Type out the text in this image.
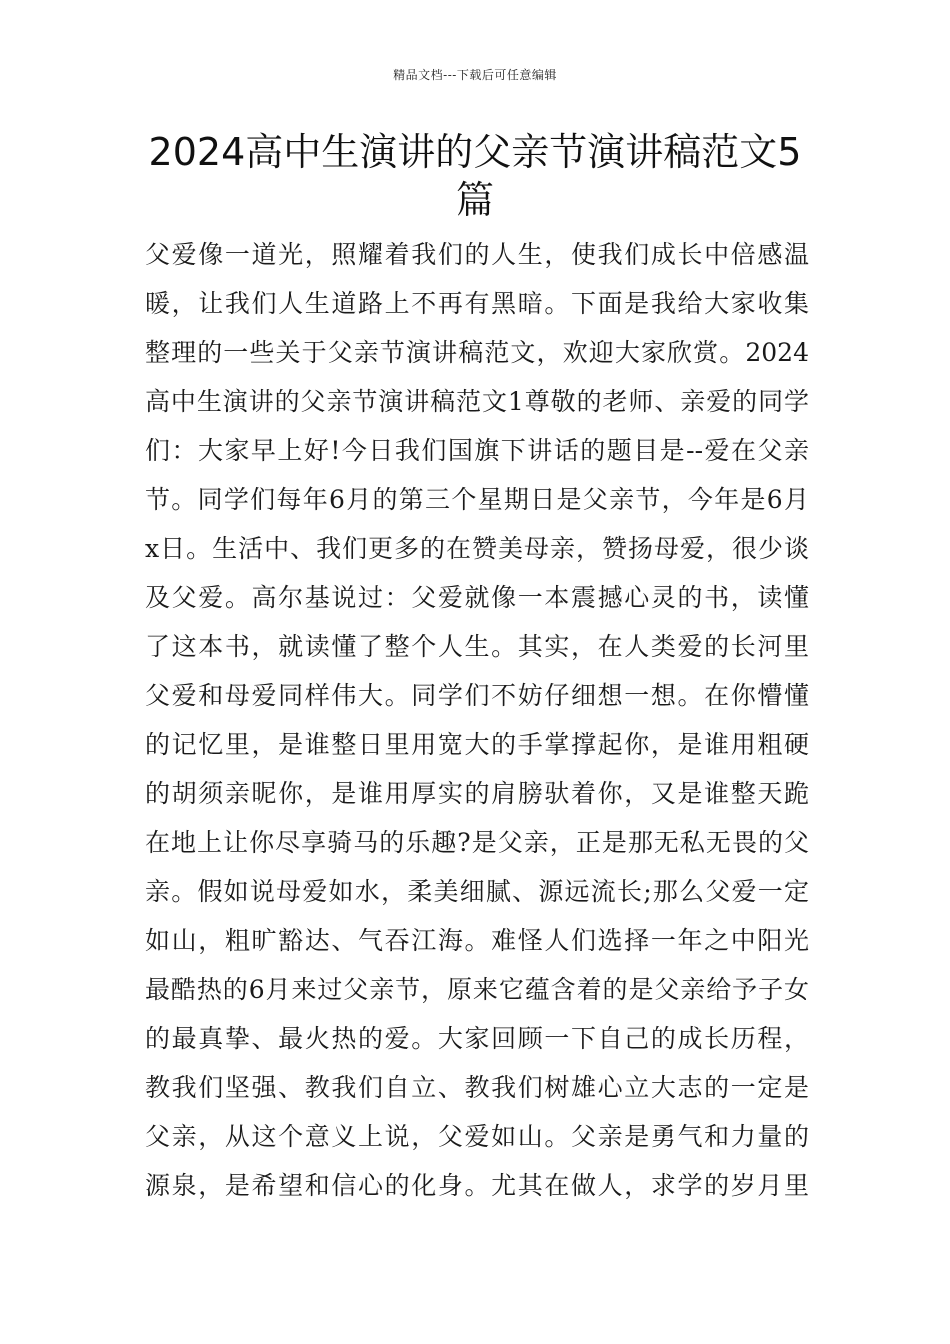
精品文档---下载后可任意编辑
2024高中生演讲的父亲节演讲稿范文5
篇
父爱像一道光，照耀着我们的人生，使我们成长中倍感温
暖，让我们人生道路上不再有黑暗。下面是我给大家收集
整理的一些关于父亲节演讲稿范文，欢迎大家欣赏。2024
高中生演讲的父亲节演讲稿范文1尊敬的老师、亲爱的同学
们：大家早上好!今日我们国旗下讲话的题目是--爱在父亲
节。同学们每年6月的第三个星期日是父亲节，今年是6月
x日。生活中、我们更多的在赞美母亲，赞扬母爱，很少谈
及父爱。高尔基说过：父爱就像一本震撼心灵的书，读懂
了这本书，就读懂了整个人生。其实，在人类爱的长河里
父爱和母爱同样伟大。同学们不妨仔细想一想。在你懵懂
的记忆里，是谁整日里用宽大的手掌撑起你，是谁用粗硬
的胡须亲昵你，是谁用厚实的肩膀驮着你，又是谁整天跪
在地上让你尽享骑马的乐趣?是父亲，正是那无私无畏的父
亲。假如说母爱如水，柔美细腻、源远流长;那么父爱一定
如山，粗旷豁达、气吞江海。难怪人们选择一年之中阳光
最酷热的6月来过父亲节，原来它蕴含着的是父亲给予子女
的最真挚、最火热的爱。大家回顾一下自己的成长历程，
教我们坚强、教我们自立、教我们树雄心立大志的一定是
父亲，从这个意义上说，父爱如山。父亲是勇气和力量的
源泉，是希望和信心的化身。尤其在做人，求学的岁月里
